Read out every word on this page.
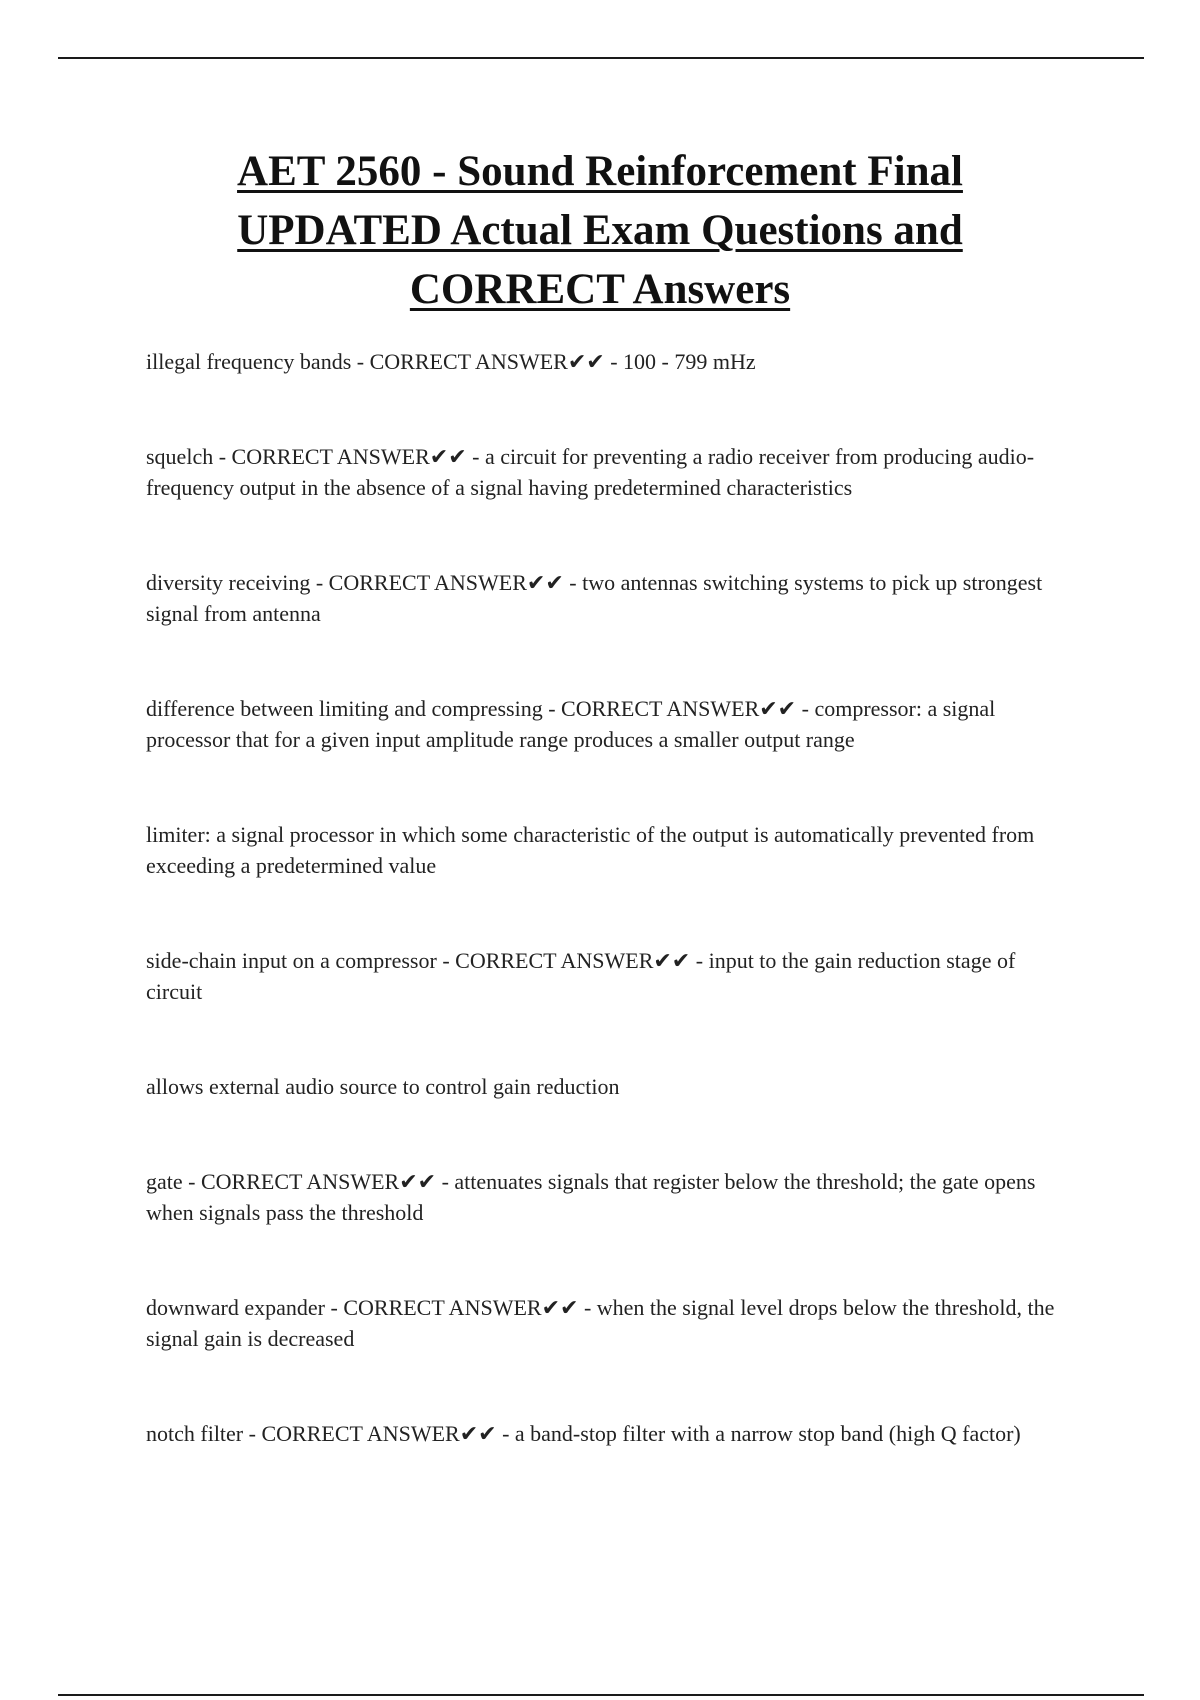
AET 2560 - Sound Reinforcement Final
UPDATED Actual Exam Questions and
CORRECT Answers

illegal frequency bands - CORRECT ANSWER✔✔ - 100 - 799 mHz

squelch - CORRECT ANSWER✔✔ - a circuit for preventing a radio receiver from producing audio-frequency output in the absence of a signal having predetermined characteristics

diversity receiving - CORRECT ANSWER✔✔ - two antennas switching systems to pick up strongest signal from antenna

difference between limiting and compressing - CORRECT ANSWER✔✔ - compressor: a signal processor that for a given input amplitude range produces a smaller output range

limiter: a signal processor in which some characteristic of the output is automatically prevented from exceeding a predetermined value

side-chain input on a compressor - CORRECT ANSWER✔✔ - input to the gain reduction stage of circuit

allows external audio source to control gain reduction

gate - CORRECT ANSWER✔✔ - attenuates signals that register below the threshold; the gate opens when signals pass the threshold

downward expander - CORRECT ANSWER✔✔ - when the signal level drops below the threshold, the signal gain is decreased

notch filter - CORRECT ANSWER✔✔ - a band-stop filter with a narrow stop band (high Q factor)
